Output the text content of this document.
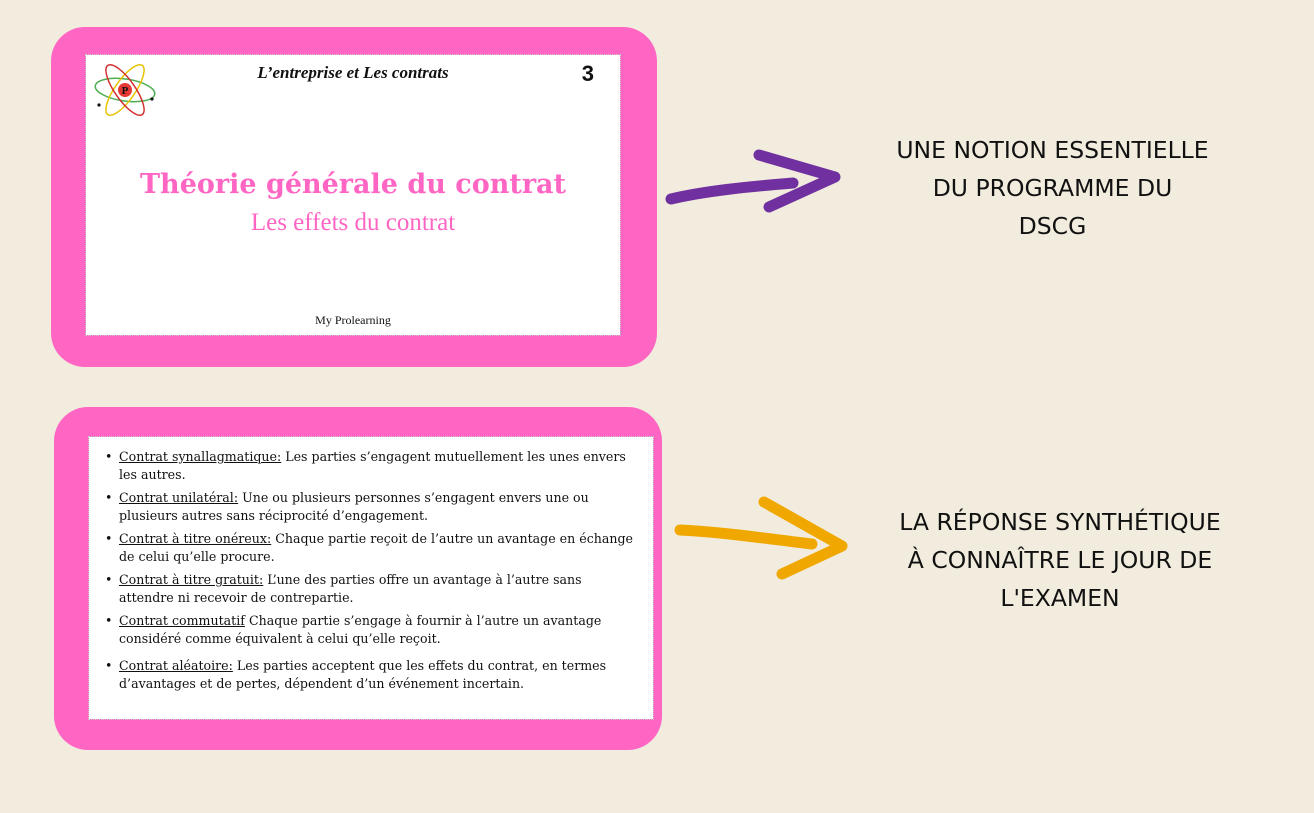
P
L’entreprise et Les contrats	3
Théorie générale du contrat
Les effets du contrat
My Prolearning
UNE NOTION ESSENTIELLE
DU PROGRAMME DU
DSCG
• Contrat synallagmatique: Les parties s’engagent mutuellement les unes envers les autres.
• Contrat unilatéral: Une ou plusieurs personnes s’engagent envers une ou plusieurs autres sans réciprocité d’engagement.
• Contrat à titre onéreux: Chaque partie reçoit de l’autre un avantage en échange de celui qu’elle procure.
• Contrat à titre gratuit: L’une des parties offre un avantage à l’autre sans attendre ni recevoir de contrepartie.
• Contrat commutatif Chaque partie s’engage à fournir à l’autre un avantage considéré comme équivalent à celui qu’elle reçoit.
• Contrat aléatoire: Les parties acceptent que les effets du contrat, en termes d’avantages et de pertes, dépendent d’un événement incertain.
LA RÉPONSE SYNTHÉTIQUE
À CONNAÎTRE LE JOUR DE
L'EXAMEN
